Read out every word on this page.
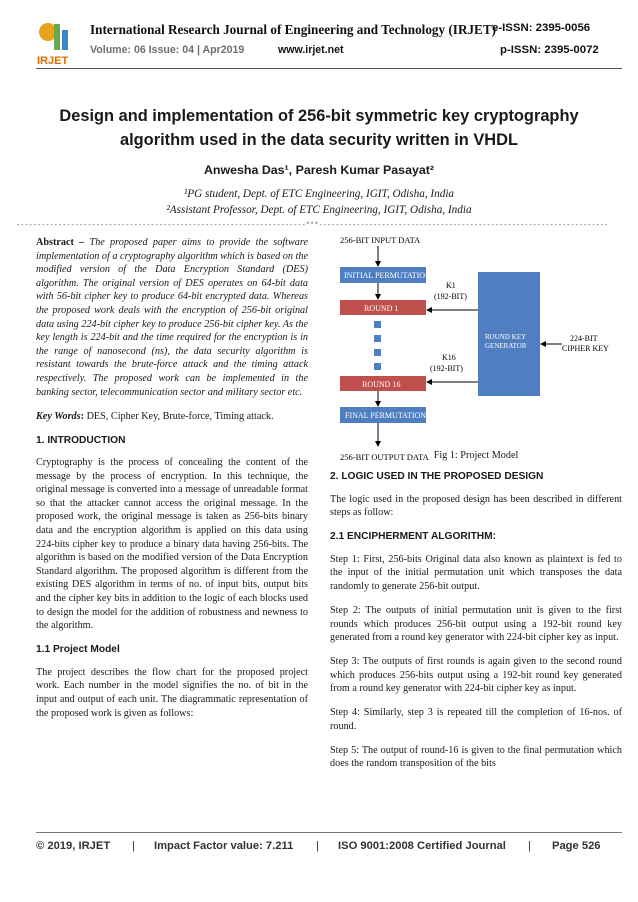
IRJET
International Research Journal of Engineering and Technology (IRJET)
e-ISSN: 2395-0056
Volume: 06 Issue: 04 | Apr2019	www.irjet.net	p-ISSN: 2395-0072
Design and implementation of 256-bit symmetric key cryptography algorithm used in the data security written in VHDL
Anwesha Das¹, Paresh Kumar Pasayat²
¹PG student, Dept. of ETC Engineering, IGIT, Odisha, India
²Assistant Professor, Dept. of ETC Engineering, IGIT, Odisha, India
---------------------------------------------------------------------***---------------------------------------------------------------------

Abstract – The proposed paper aims to provide the software implementation of a cryptography algorithm which is based on the modified version of the Data Encryption Standard (DES) algorithm. The original version of DES operates on 64-bit data with 56-bit cipher key to produce 64-bit encrypted data. Whereas the proposed work deals with the encryption of 256-bit original data using 224-bit cipher key to produce 256-bit cipher key. As the key length is 224-bit and the time required for the encryption is in the range of nanosecond (ns), the data security algorithm is resistant towards the brute-force attack and the timing attack respectively. The proposed work can be implemented in the banking sector, telecommunication sector and military sector etc.

Key Words: DES, Cipher Key, Brute-force, Timing attack.

1. INTRODUCTION

Cryptography is the process of concealing the content of the message by the process of encryption. In this technique, the original message is converted into a message of unreadable format so that the attacker cannot access the original message. In the proposed work, the original message is taken as 256-bits binary data and the encryption algorithm is applied on this data using 224-bits cipher key to produce a binary data having 256-bits. The algorithm is based on the modified version of the Data Encryption Standard algorithm. The proposed algorithm is different from the existing DES algorithm in terms of no. of input bits, output bits and the cipher key bits in addition to the logic of each blocks used to design the model for the addition of robustness and newness to the algorithm.

1.1 Project Model

The project describes the flow chart for the proposed project work. Each number in the model signifies the no. of bit in the input and output of each unit. The diagrammatic representation of the proposed work is given as follows:

256-BIT INPUT DATA
INITIAL PERMUTATION
ROUND 1
ROUND 16
FINAL PERMUTATION
256-BIT OUTPUT DATA
ROUND KEY
GENERATOR
K1
(192-BIT)
K16
(192-BIT)
224-BIT
CIPHER KEY
Fig 1: Project Model
2. LOGIC USED IN THE PROPOSED DESIGN

The logic used in the proposed design has been described in different steps as follow:

2.1 ENCIPHERMENT ALGORITHM:

Step 1: First, 256-bits Original data also known as plaintext is fed to the input of the initial permutation unit which transposes the data randomly to generate 256-bit output.

Step 2: The outputs of initial permutation unit is given to the first rounds which produces 256-bit output using a 192-bit round key generated from a round key generator with 224-bit cipher key as input.

Step 3: The outputs of first rounds is again given to the second round which produces 256-bits output using a 192-bit round key generated from a round key generator with 224-bit cipher key as input.

Step 4: Similarly, step 3 is repeated till the completion of 16-nos. of round.

Step 5: The output of round-16 is given to the final permutation which does the random transposition of the bits

© 2019, IRJET | Impact Factor value: 7.211 | ISO 9001:2008 Certified Journal | Page 526
